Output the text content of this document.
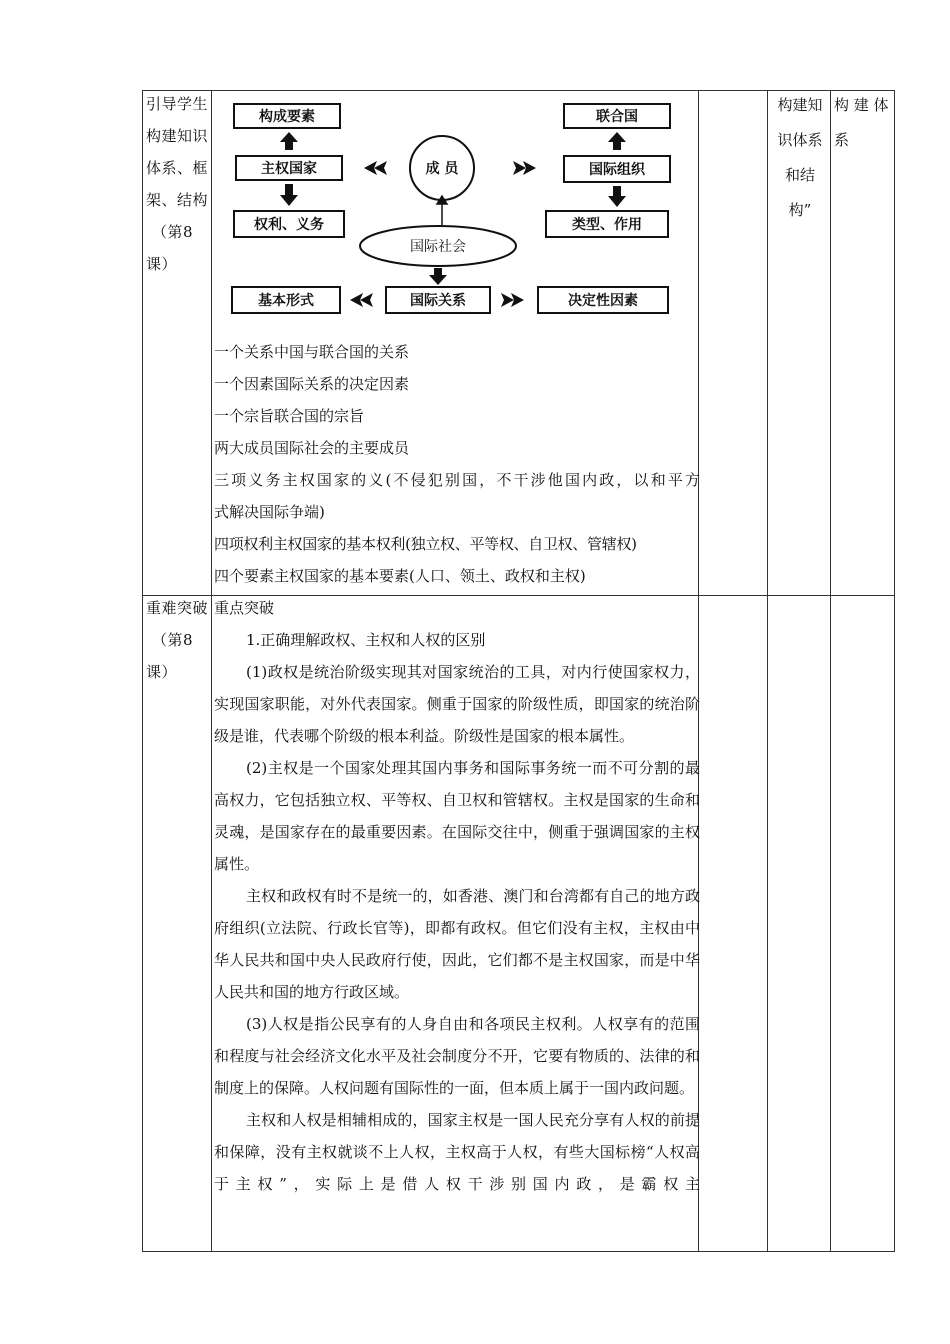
引导学生
构建知识
体系、框
架、结构
（第8
课）
构成要素
主权国家
权利、义务
成 员
联合国
国际组织
类型、作用
国际社会
基本形式	国际关系	决定性因素
一个关系中国与联合国的关系
一个因素国际关系的决定因素
一个宗旨联合国的宗旨
两大成员国际社会的主要成员
三项义务主权国家的义(不侵犯别国，不干涉他国内政，以和平方
式解决国际争端)
四项权利主权国家的基本权利(独立权、平等权、自卫权、管辖权)
四个要素主权国家的基本要素(人口、领土、政权和主权)
构建知
识体系
和结
构”
构 建 体
系
重难突破
（第8
课）

重点突破

1.正确理解政权、主权和人权的区别

(1)政权是统治阶级实现其对国家统治的工具，对内行使国家权力，实现国家职能，对外代表国家。侧重于国家的阶级性质，即国家的统治阶级是谁，代表哪个阶级的根本利益。阶级性是国家的根本属性。

(2)主权是一个国家处理其国内事务和国际事务统一而不可分割的最高权力，它包括独立权、平等权、自卫权和管辖权。主权是国家的生命和灵魂，是国家存在的最重要因素。在国际交往中，侧重于强调国家的主权属性。

主权和政权有时不是统一的，如香港、澳门和台湾都有自己的地方政府组织(立法院、行政长官等)，即都有政权。但它们没有主权，主权由中华人民共和国中央人民政府行使，因此，它们都不是主权国家，而是中华人民共和国的地方行政区域。

(3)人权是指公民享有的人身自由和各项民主权利。人权享有的范围和程度与社会经济文化水平及社会制度分不开，它要有物质的、法律的和制度上的保障。人权问题有国际性的一面，但本质上属于一国内政问题。

主权和人权是相辅相成的，国家主权是一国人民充分享有人权的前提和保障，没有主权就谈不上人权，主权高于人权，有些大国标榜“人权高于主权”，实际上是借人权干涉别国内政，是霸权主
